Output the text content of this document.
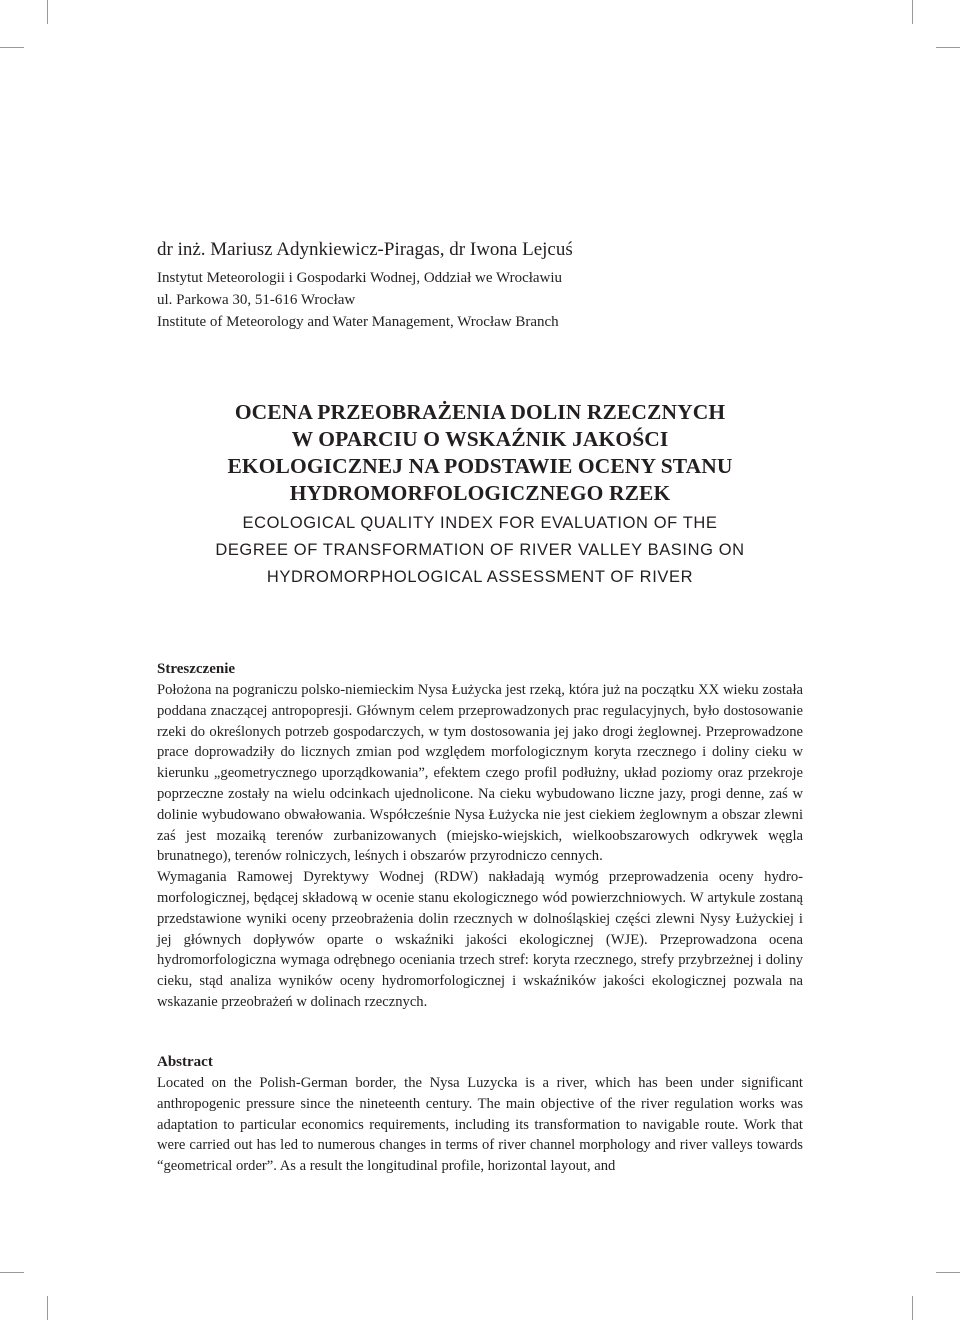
dr inż. Mariusz Adynkiewicz-Piragas, dr Iwona Lejcuś
Instytut Meteorologii i Gospodarki Wodnej, Oddział we Wrocławiu
ul. Parkowa 30, 51-616 Wrocław
Institute of Meteorology and Water Management, Wrocław Branch
OCENA PRZEOBRAŻENIA DOLIN RZECZNYCH
W OPARCIU O WSKAŹNIK JAKOŚCI
EKOLOGICZNEJ NA PODSTAWIE OCENY STANU
HYDROMORFOLOGICZNEGO RZEK
ECOLOGICAL QUALITY INDEX FOR EVALUATION OF THE
DEGREE OF TRANSFORMATION OF RIVER VALLEY BASING ON
HYDROMORPHOLOGICAL ASSESSMENT OF RIVER
Streszczenie

Położona na pograniczu polsko-niemieckim Nysa Łużycka jest rzeką, która już na początku XX wieku została poddana znaczącej antropopresji. Głównym celem przeprowadzonych prac regulacyjnych, było dostosowanie rzeki do określonych potrzeb gospodarczych, w tym dostosowania jej jako drogi żeglownej. Przeprowadzone prace doprowadziły do licznych zmian pod względem morfologicznym koryta rzecznego i doliny cieku w kierunku „geometrycznego uporządkowania”, efektem czego profil podłużny, układ poziomy oraz przekroje poprzeczne zostały na wielu odcinkach ujednolicone. Na cieku wybudowano liczne jazy, progi denne, zaś w dolinie wybudowano obwałowania. Współcześnie Nysa Łużycka nie jest ciekiem żeglownym a obszar zlewni zaś jest mozaiką terenów zurbanizowanych (miejsko-wiejskich, wielkoobszarowych odkrywek węgla brunatnego), terenów rolniczych, leśnych i obszarów przyrodniczo cennych.

Wymagania Ramowej Dyrektywy Wodnej (RDW) nakładają wymóg przeprowadzenia oceny hydromorfologicznej, będącej składową w ocenie stanu ekologicznego wód powierzchniowych. W artykule zostaną przedstawione wyniki oceny przeobrażenia dolin rzecznych w dolnośląskiej części zlewni Nysy Łużyckiej i jej głównych dopływów oparte o wskaźniki jakości ekologicznej (WJE). Przeprowadzona ocena hydromorfologiczna wymaga odrębnego oceniania trzech stref: koryta rzecznego, strefy przybrzeżnej i doliny cieku, stąd analiza wyników oceny hydromorfologicznej i wskaźników jakości ekologicznej pozwala na wskazanie przeobrażeń w dolinach rzecznych.

Abstract

Located on the Polish-German border, the Nysa Luzycka is a river, which has been under significant anthropogenic pressure since the nineteenth century. The main objective of the river regulation works was adaptation to particular economics requirements, including its transformation to navigable route. Work that were carried out has led to numerous changes in terms of river channel morphology and river valleys towards “geometrical order”. As a result the longitudinal profile, horizontal layout, and
